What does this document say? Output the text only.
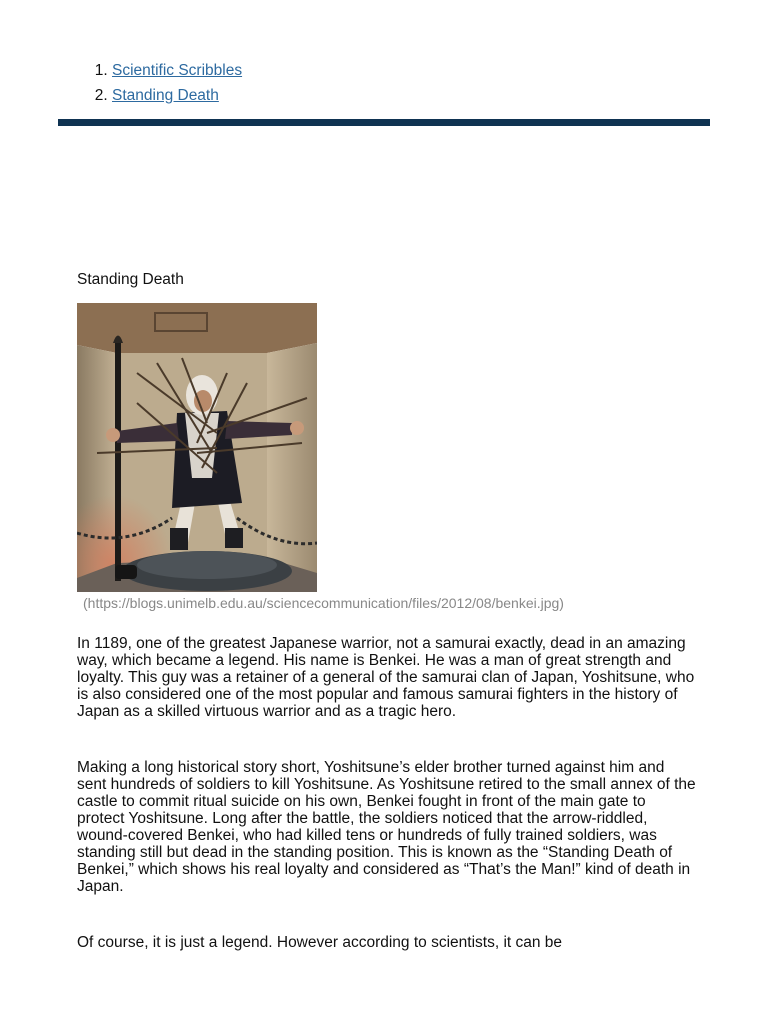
1. Scientific Scribbles
2. Standing Death
Standing Death

(https://blogs.unimelb.edu.au/sciencecommunication/files/2012/08/benkei.jpg)

In 1189, one of the greatest Japanese warrior, not a samurai exactly, dead in an amazing way, which became a legend. His name is Benkei. He was a man of great strength and loyalty. This guy was a retainer of a general of the samurai clan of Japan, Yoshitsune, who is also considered one of the most popular and famous samurai fighters in the history of Japan as a skilled virtuous warrior and as a tragic hero.

Making a long historical story short, Yoshitsune’s elder brother turned against him and sent hundreds of soldiers to kill Yoshitsune. As Yoshitsune retired to the small annex of the castle to commit ritual suicide on his own, Benkei fought in front of the main gate to protect Yoshitsune. Long after the battle, the soldiers noticed that the arrow-riddled, wound-covered Benkei, who had killed tens or hundreds of fully trained soldiers, was standing still but dead in the standing position. This is known as the “Standing Death of Benkei,” which shows his real loyalty and considered as “That’s the Man!” kind of death in Japan.

Of course, it is just a legend. However according to scientists, it can be
